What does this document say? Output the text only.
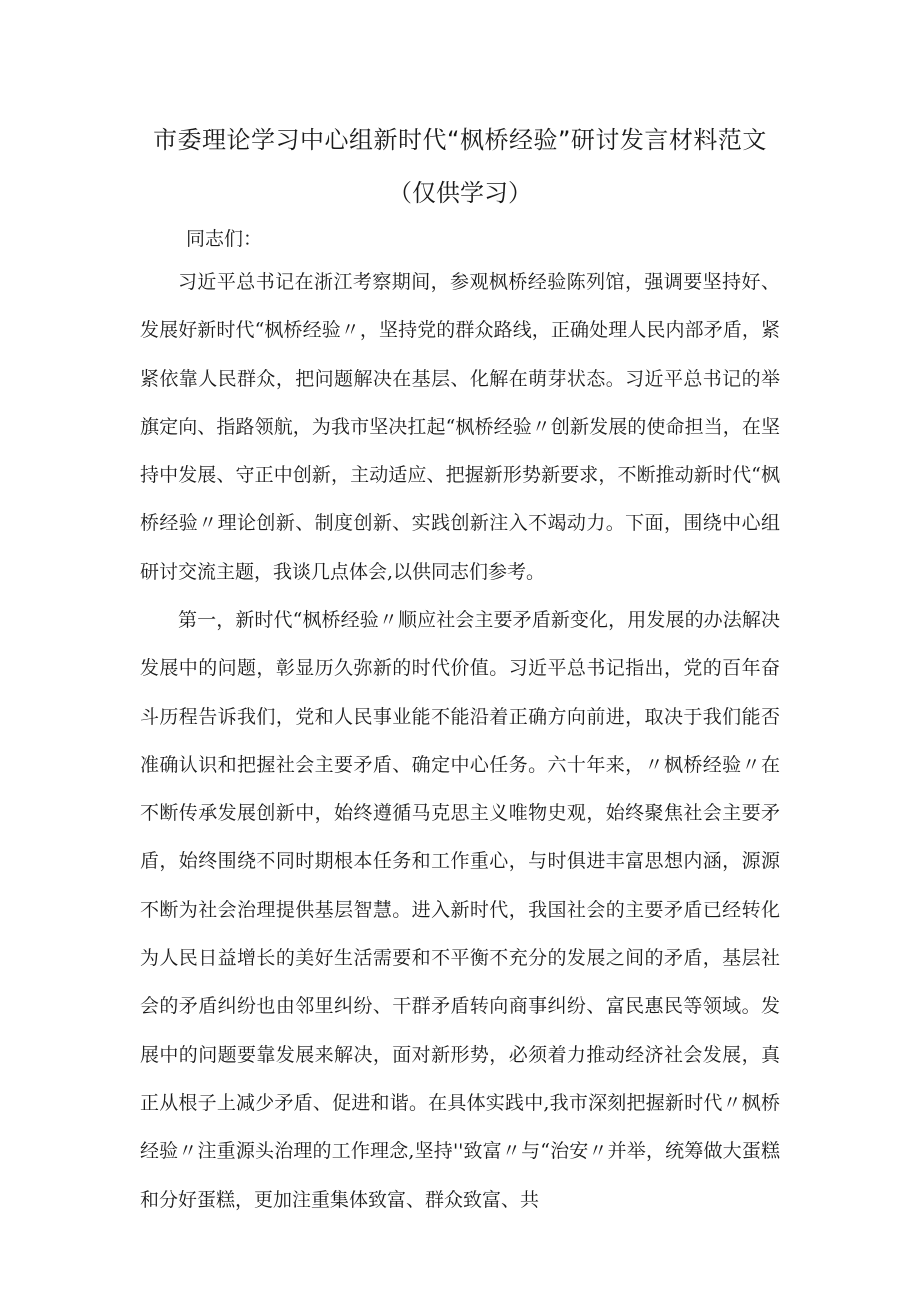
市委理论学习中心组新时代“枫桥经验”研讨发言材料范文
（仅供学习）
同志们：

习近平总书记在浙江考察期间，参观枫桥经验陈列馆，强调要坚持好、发展好新时代“枫桥经验〃，坚持党的群众路线，正确处理人民内部矛盾，紧紧依靠人民群众，把问题解决在基层、化解在萌芽状态。习近平总书记的举旗定向、指路领航，为我市坚决扛起“枫桥经验〃创新发展的使命担当，在坚持中发展、守正中创新，主动适应、把握新形势新要求，不断推动新时代“枫桥经验〃理论创新、制度创新、实践创新注入不竭动力。下面，围绕中心组研讨交流主题，我谈几点体会,以供同志们参考。

第一，新时代“枫桥经验〃顺应社会主要矛盾新变化，用发展的办法解决发展中的问题，彰显历久弥新的时代价值。习近平总书记指出，党的百年奋斗历程告诉我们，党和人民事业能不能沿着正确方向前进，取决于我们能否准确认识和把握社会主要矛盾、确定中心任务。六十年来，〃枫桥经验〃在不断传承发展创新中，始终遵循马克思主义唯物史观，始终聚焦社会主要矛盾，始终围绕不同时期根本任务和工作重心，与时俱进丰富思想内涵，源源不断为社会治理提供基层智慧。进入新时代，我国社会的主要矛盾已经转化为人民日益增长的美好生活需要和不平衡不充分的发展之间的矛盾，基层社会的矛盾纠纷也由邻里纠纷、干群矛盾转向商事纠纷、富民惠民等领域。发展中的问题要靠发展来解决，面对新形势，必须着力推动经济社会发展，真正从根子上减少矛盾、促进和谐。在具体实践中,我市深刻把握新时代〃枫桥经验〃注重源头治理的工作理念,坚持''致富〃与“治安〃并举，统筹做大蛋糕和分好蛋糕，更加注重集体致富、群众致富、共
